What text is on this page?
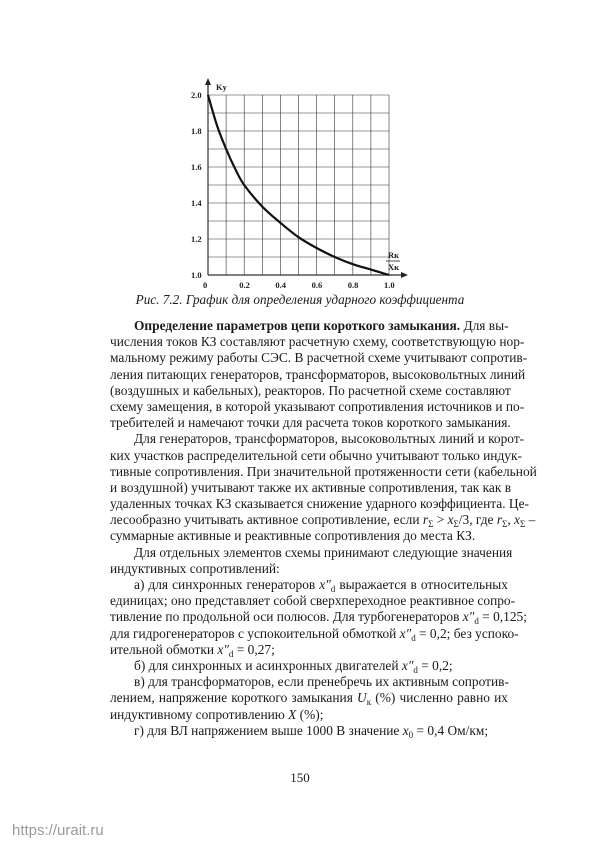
0	0.2	0.4	0.6	0.8	1.0
1.0
1.2
1.4
1.6
1.8
2.0
Kу
Rк
Xк
Рис. 7.2. График для определения ударного коэффициента
Определение параметров цепи короткого замыкания. Для вы-
числения токов КЗ составляют расчетную схему, соответствующую нор-
мальному режиму работы СЭС. В расчетной схеме учитывают сопротив-
ления питающих генераторов, трансформаторов, высоковольтных линий
(воздушных и кабельных), реакторов. По расчетной схеме составляют
схему замещения, в которой указывают сопротивления источников и по-
требителей и намечают точки для расчета токов короткого замыкания.
Для генераторов, трансформаторов, высоковольтных линий и корот-
ких участков распределительной сети обычно учитывают только индук-
тивные сопротивления. При значительной протяженности сети (кабельной
и воздушной) учитывают также их активные сопротивления, так как в
удаленных точках КЗ сказывается снижение ударного коэффициента. Це-
лесообразно учитывать активное сопротивление, если $r_\Sigma > x_\Sigma/3$, где $r_\Sigma$, $x_\Sigma$ –
суммарные активные и реактивные сопротивления до места КЗ.
Для отдельных элементов схемы принимают следующие значения
индуктивных сопротивлений:
а) для синхронных генераторов $x''_d$ выражается в относительных
единицах; оно представляет собой сверхпереходное реактивное сопро-
тивление по продольной оси полюсов. Для турбогенераторов $x''_d = 0,125$;
для гидрогенераторов с успокоительной обмоткой $x''_d = 0,2$; без успоко-
ительной обмотки $x''_d = 0,27$;
б) для синхронных и асинхронных двигателей $x''_d = 0,2$;
в) для трансформаторов, если пренебречь их активным сопротив-
лением, напряжение короткого замыкания $U_к$ (%) численно равно их
индуктивному сопротивлению X (%);
г) для ВЛ напряжением выше 1000 В значение $x_0 = 0,4$ Ом/км;
150
https://urait.ru
